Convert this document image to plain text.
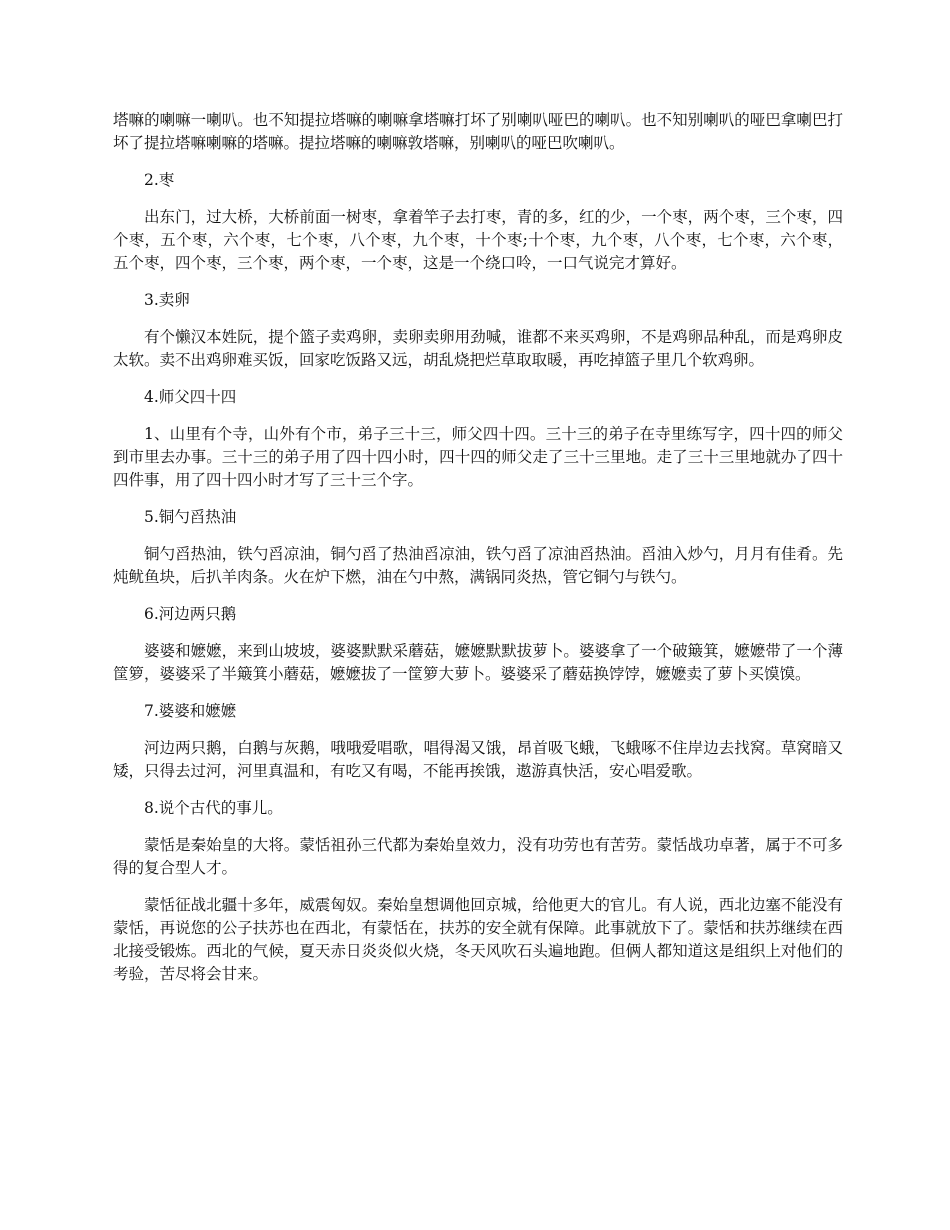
塔嘛的喇嘛一喇叭。也不知提拉塔嘛的喇嘛拿塔嘛打坏了别喇叭哑巴的喇叭。也不知别喇叭的哑巴拿喇巴打坏了提拉塔嘛喇嘛的塔嘛。提拉塔嘛的喇嘛敦塔嘛，别喇叭的哑巴吹喇叭。

2.枣

出东门，过大桥，大桥前面一树枣，拿着竿子去打枣，青的多，红的少，一个枣，两个枣，三个枣，四个枣，五个枣，六个枣，七个枣，八个枣，九个枣，十个枣;十个枣，九个枣，八个枣，七个枣，六个枣，五个枣，四个枣，三个枣，两个枣，一个枣，这是一个绕口呤，一口气说完才算好。

3.卖卵

有个懒汉本姓阮，提个篮子卖鸡卵，卖卵卖卵用劲喊，谁都不来买鸡卵，不是鸡卵品种乱，而是鸡卵皮太软。卖不出鸡卵难买饭，回家吃饭路又远，胡乱烧把烂草取取暖，再吃掉篮子里几个软鸡卵。

4.师父四十四

1、山里有个寺，山外有个市，弟子三十三，师父四十四。三十三的弟子在寺里练写字，四十四的师父到市里去办事。三十三的弟子用了四十四小时，四十四的师父走了三十三里地。走了三十三里地就办了四十四件事，用了四十四小时才写了三十三个字。

5.铜勺舀热油

铜勺舀热油，铁勺舀凉油，铜勺舀了热油舀凉油，铁勺舀了凉油舀热油。舀油入炒勺，月月有佳肴。先炖鱿鱼块，后扒羊肉条。火在炉下燃，油在勺中熬，满锅同炎热，管它铜勺与铁勺。

6.河边两只鹅

婆婆和嬷嬷，来到山坡坡，婆婆默默采蘑菇，嬷嬷默默拔萝卜。婆婆拿了一个破簸箕，嬷嬷带了一个薄筐箩，婆婆采了半簸箕小蘑菇，嬷嬷拔了一筐箩大萝卜。婆婆采了蘑菇换饽饽，嬷嬷卖了萝卜买馍馍。

7.婆婆和嬷嬷

河边两只鹅，白鹅与灰鹅，哦哦爱唱歌，唱得渴又饿，昂首吸飞蛾，飞蛾啄不住岸边去找窝。草窝暗又矮，只得去过河，河里真温和，有吃又有喝，不能再挨饿，遨游真快活，安心唱爱歌。

8.说个古代的事儿。

蒙恬是秦始皇的大将。蒙恬祖孙三代都为秦始皇效力，没有功劳也有苦劳。蒙恬战功卓著，属于不可多得的复合型人才。

蒙恬征战北疆十多年，威震匈奴。秦始皇想调他回京城，给他更大的官儿。有人说，西北边塞不能没有蒙恬，再说您的公子扶苏也在西北，有蒙恬在，扶苏的安全就有保障。此事就放下了。蒙恬和扶苏继续在西北接受锻炼。西北的气候，夏天赤日炎炎似火烧，冬天风吹石头遍地跑。但俩人都知道这是组织上对他们的考验，苦尽将会甘来。
